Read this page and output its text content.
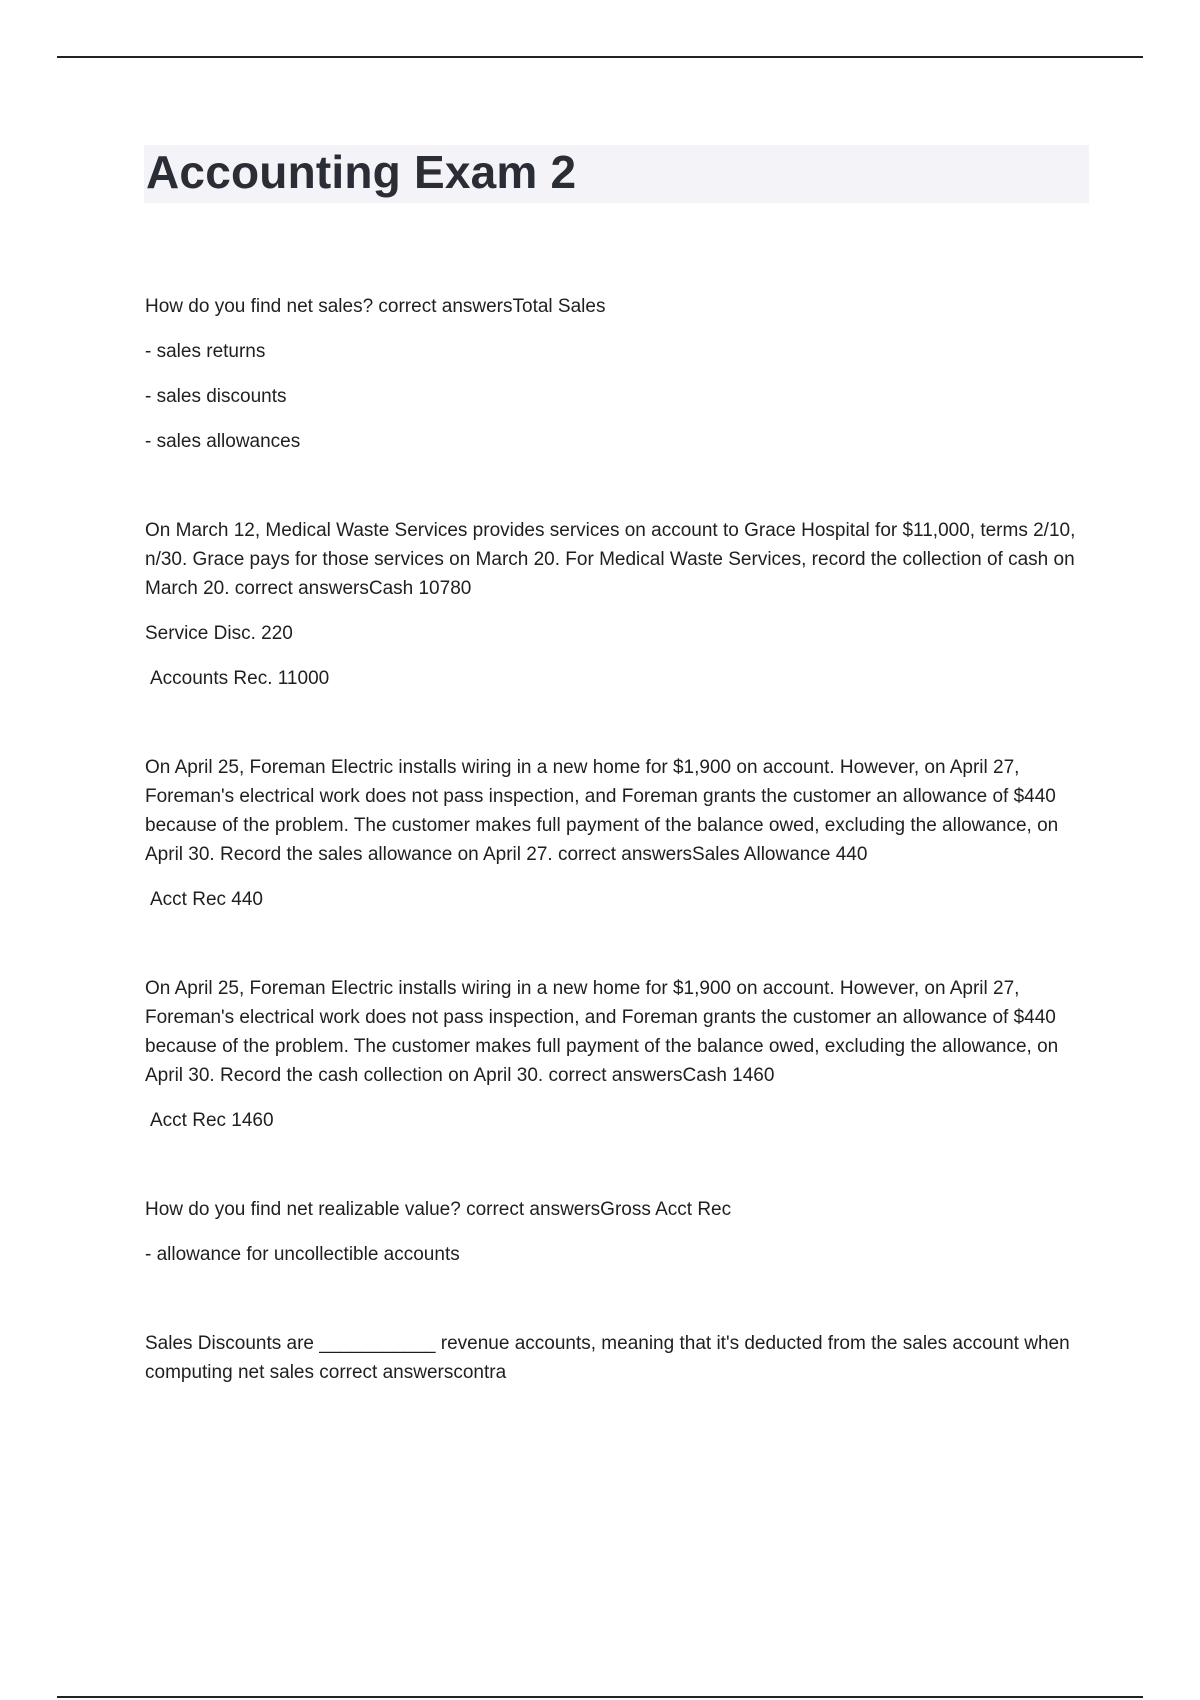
Accounting Exam 2

How do you find net sales? correct answersTotal Sales

- sales returns

- sales discounts

- sales allowances

On March 12, Medical Waste Services provides services on account to Grace Hospital for $11,000, terms 2/10, n/30. Grace pays for those services on March 20. For Medical Waste Services, record the collection of cash on March 20. correct answersCash 10780

Service Disc. 220

Accounts Rec. 11000

On April 25, Foreman Electric installs wiring in a new home for $1,900 on account. However, on April 27, Foreman's electrical work does not pass inspection, and Foreman grants the customer an allowance of $440 because of the problem. The customer makes full payment of the balance owed, excluding the allowance, on April 30. Record the sales allowance on April 27. correct answersSales Allowance 440

Acct Rec 440

On April 25, Foreman Electric installs wiring in a new home for $1,900 on account. However, on April 27, Foreman's electrical work does not pass inspection, and Foreman grants the customer an allowance of $440 because of the problem. The customer makes full payment of the balance owed, excluding the allowance, on April 30. Record the cash collection on April 30. correct answersCash 1460

Acct Rec 1460

How do you find net realizable value? correct answersGross Acct Rec

- allowance for uncollectible accounts

Sales Discounts are ___________ revenue accounts, meaning that it's deducted from the sales account when computing net sales correct answerscontra
